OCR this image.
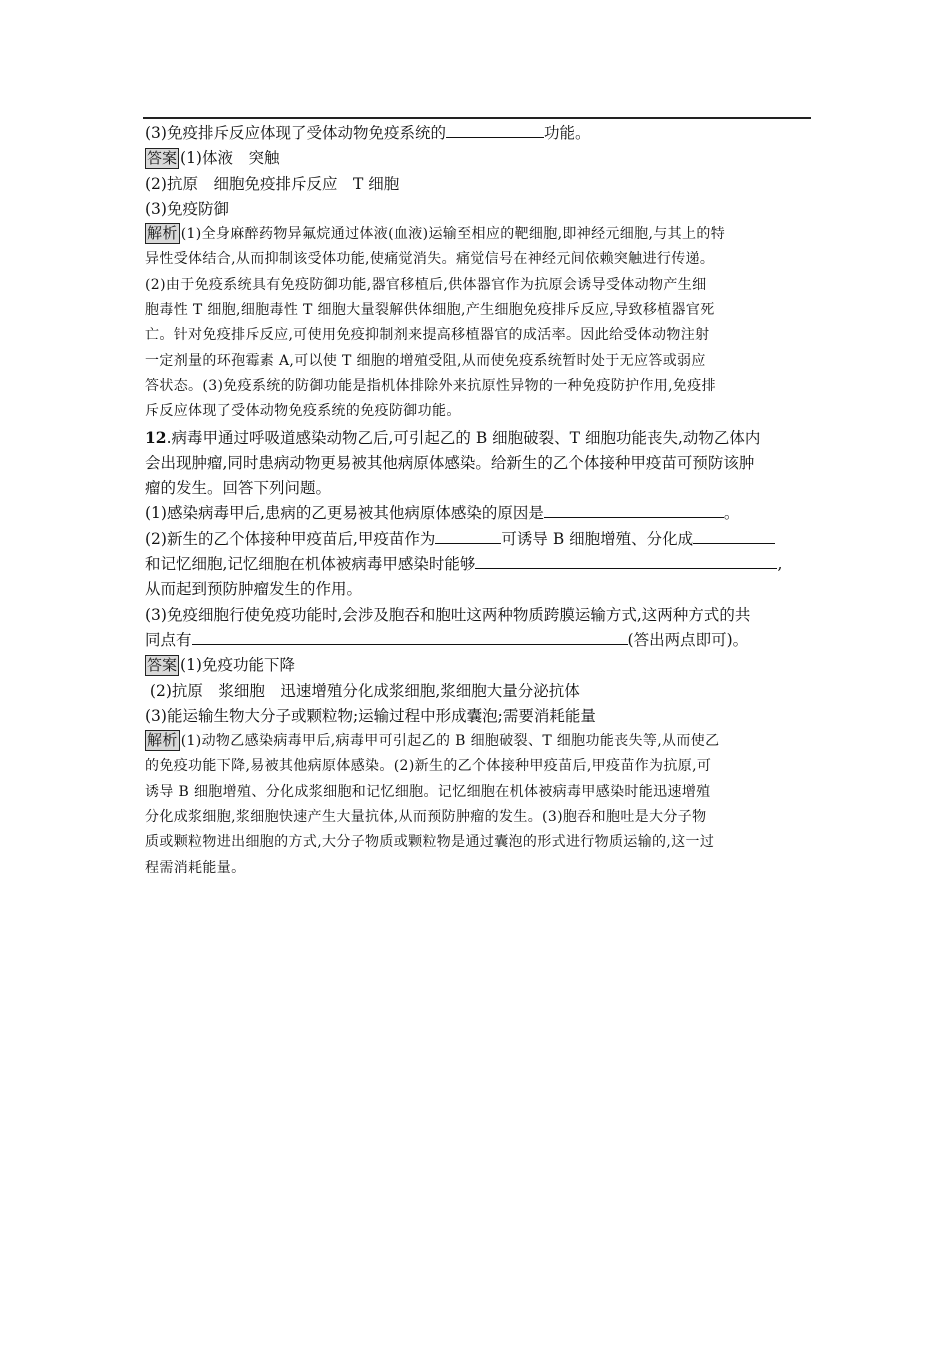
(3)免疫排斥反应体现了受体动物免疫系统的	功能。
答案 (1)体液　突触
(2)抗原　细胞免疫排斥反应　T 细胞
(3)免疫防御
解析 (1)全身麻醉药物异氟烷通过体液(血液)运输至相应的靶细胞,即神经元细胞,与其上的特
异性受体结合,从而抑制该受体功能,使痛觉消失。痛觉信号在神经元间依赖突触进行传递。
(2)由于免疫系统具有免疫防御功能,器官移植后,供体器官作为抗原会诱导受体动物产生细
胞毒性 T 细胞,细胞毒性 T 细胞大量裂解供体细胞,产生细胞免疫排斥反应,导致移植器官死
亡。针对免疫排斥反应,可使用免疫抑制剂来提高移植器官的成活率。因此给受体动物注射
一定剂量的环孢霉素 A,可以使 T 细胞的增殖受阻,从而使免疫系统暂时处于无应答或弱应
答状态。(3)免疫系统的防御功能是指机体排除外来抗原性异物的一种免疫防护作用,免疫排
斥反应体现了受体动物免疫系统的免疫防御功能。
12.病毒甲通过呼吸道感染动物乙后,可引起乙的 B 细胞破裂、T 细胞功能丧失,动物乙体内
会出现肿瘤,同时患病动物更易被其他病原体感染。给新生的乙个体接种甲疫苗可预防该肿
瘤的发生。回答下列问题。
(1)感染病毒甲后,患病的乙更易被其他病原体感染的原因是	。
(2)新生的乙个体接种甲疫苗后,甲疫苗作为	可诱导 B 细胞增殖、分化成
和记忆细胞,记忆细胞在机体被病毒甲感染时能够	,
从而起到预防肿瘤发生的作用。
(3)免疫细胞行使免疫功能时,会涉及胞吞和胞吐这两种物质跨膜运输方式,这两种方式的共
同点有	(答出两点即可)。
答案 (1)免疫功能下降
(2)抗原　浆细胞　迅速增殖分化成浆细胞,浆细胞大量分泌抗体
(3)能运输生物大分子或颗粒物;运输过程中形成囊泡;需要消耗能量
解析 (1)动物乙感染病毒甲后,病毒甲可引起乙的 B 细胞破裂、T 细胞功能丧失等,从而使乙
的免疫功能下降,易被其他病原体感染。(2)新生的乙个体接种甲疫苗后,甲疫苗作为抗原,可
诱导 B 细胞增殖、分化成浆细胞和记忆细胞。记忆细胞在机体被病毒甲感染时能迅速增殖
分化成浆细胞,浆细胞快速产生大量抗体,从而预防肿瘤的发生。(3)胞吞和胞吐是大分子物
质或颗粒物进出细胞的方式,大分子物质或颗粒物是通过囊泡的形式进行物质运输的,这一过
程需消耗能量。
